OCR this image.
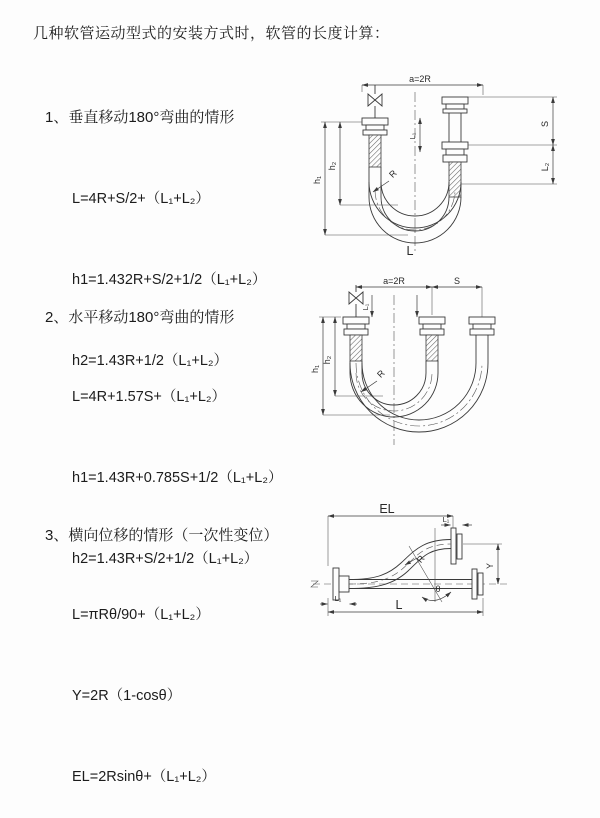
几种软管运动型式的安装方式时，软管的长度计算：
1、垂直移动180°弯曲的情形

L=4R+S/2+（L₁+L₂）

h1=1.432R+S/2+1/2（L₁+L₂）

h2=1.43R+1/2（L₁+L₂）

2、水平移动180°弯曲的情形

L=4R+1.57S+（L₁+L₂）

h1=1.43R+0.785S+1/2（L₁+L₂）

h2=1.43R+S/2+1/2（L₁+L₂）

3、横向位移的情形（一次性变位）

L=πRθ/90+（L₁+L₂）

Y=2R（1-cosθ）

EL=2Rsinθ+（L₁+L₂）

a=2R
S
L₂
L₁
h₁
h₂
R
L
a=2R	S
L₁
h₁
h₂
R
EL
L₁
Y
L
L₁
R
θ
